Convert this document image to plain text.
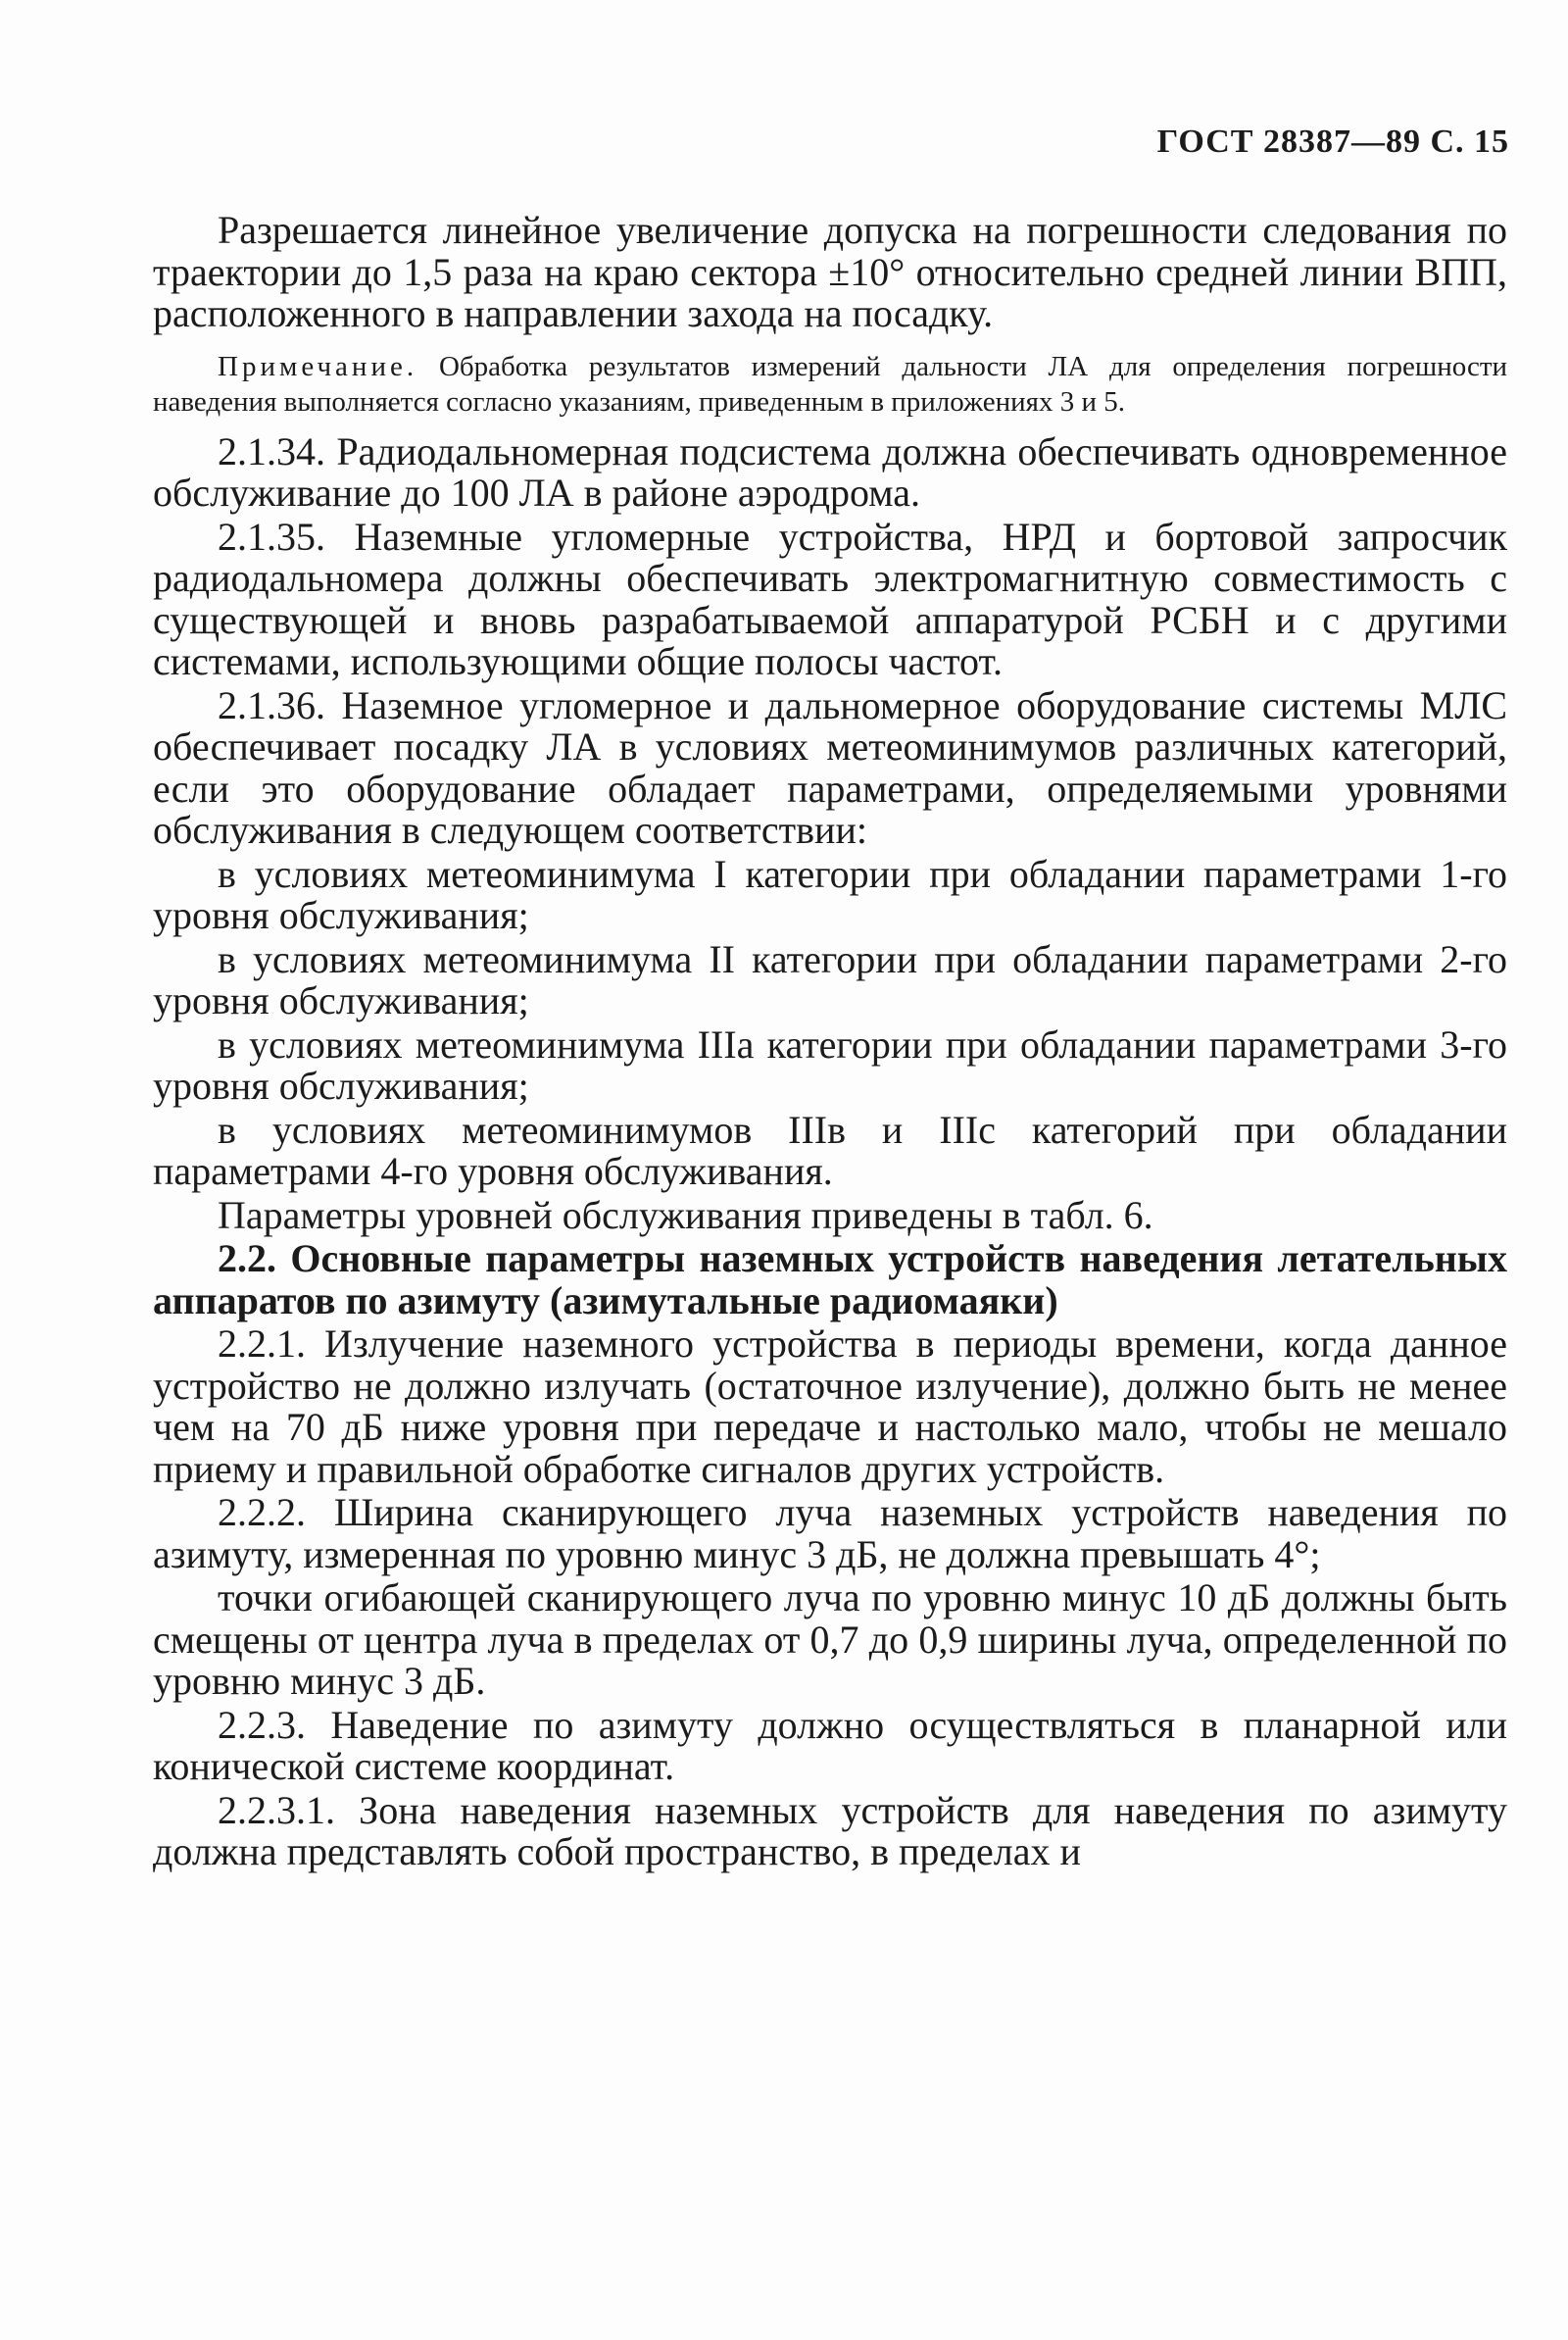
ГОСТ 28387—89 С. 15

Разрешается линейное увеличение допуска на погрешности следования по траектории до 1,5 раза на краю сектора ±10° относительно средней линии ВПП, расположенного в направлении захода на посадку.

Примечание. Обработка результатов измерений дальности ЛА для определения погрешности наведения выполняется согласно указаниям, приведенным в приложениях 3 и 5.

2.1.34. Радиодальномерная подсистема должна обеспечивать одновременное обслуживание до 100 ЛА в районе аэродрома.

2.1.35. Наземные угломерные устройства, НРД и бортовой запросчик радиодальномера должны обеспечивать электромагнитную совместимость с существующей и вновь разрабатываемой аппаратурой РСБН и с другими системами, использующими общие полосы частот.

2.1.36. Наземное угломерное и дальномерное оборудование системы МЛС обеспечивает посадку ЛА в условиях метеоминимумов различных категорий, если это оборудование обладает параметрами, определяемыми уровнями обслуживания в следующем соответствии:

в условиях метеоминимума I категории при обладании параметрами 1-го уровня обслуживания;

в условиях метеоминимума II категории при обладании параметрами 2-го уровня обслуживания;

в условиях метеоминимума IIIа категории при обладании параметрами 3-го уровня обслуживания;

в условиях метеоминимумов IIIв и IIIс категорий при обладании параметрами 4-го уровня обслуживания.

Параметры уровней обслуживания приведены в табл. 6.

2.2. Основные параметры наземных устройств наведения летательных аппаратов по азимуту (азимутальные радиомаяки)

2.2.1. Излучение наземного устройства в периоды времени, когда данное устройство не должно излучать (остаточное излучение), должно быть не менее чем на 70 дБ ниже уровня при передаче и настолько мало, чтобы не мешало приему и правильной обработке сигналов других устройств.

2.2.2. Ширина сканирующего луча наземных устройств наведения по азимуту, измеренная по уровню минус 3 дБ, не должна превышать 4°;

точки огибающей сканирующего луча по уровню минус 10 дБ должны быть смещены от центра луча в пределах от 0,7 до 0,9 ширины луча, определенной по уровню минус 3 дБ.

2.2.3. Наведение по азимуту должно осуществляться в планарной или конической системе координат.

2.2.3.1. Зона наведения наземных устройств для наведения по азимуту должна представлять собой пространство, в пределах и
